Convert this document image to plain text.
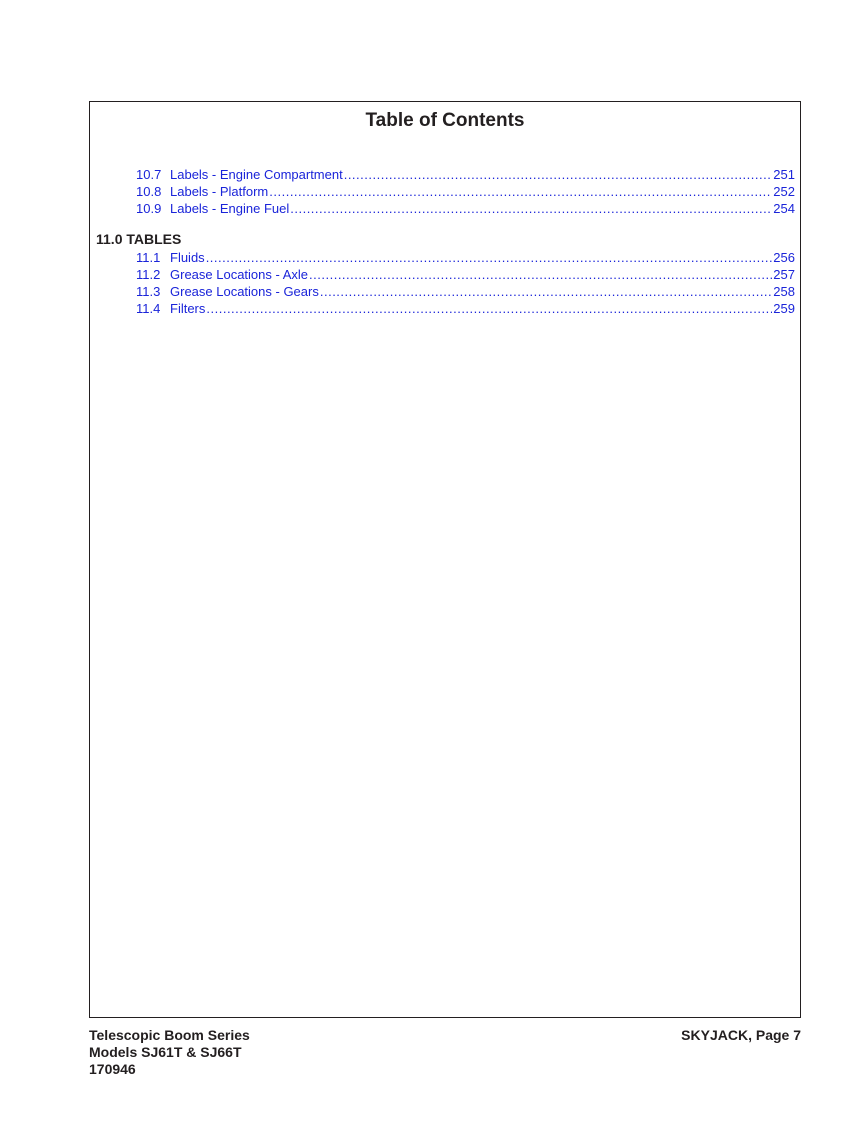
Table of Contents
10.7 Labels - Engine Compartment .....	251
10.8 Labels - Platform .....	252
10.9 Labels - Engine Fuel .....	254
11.0 TABLES
11.1 Fluids .....	256
11.2 Grease Locations - Axle .....	257
11.3 Grease Locations - Gears .....	258
11.4 Filters .....	259
Telescopic Boom Series
Models SJ61T & SJ66T
170946
SKYJACK, Page 7
